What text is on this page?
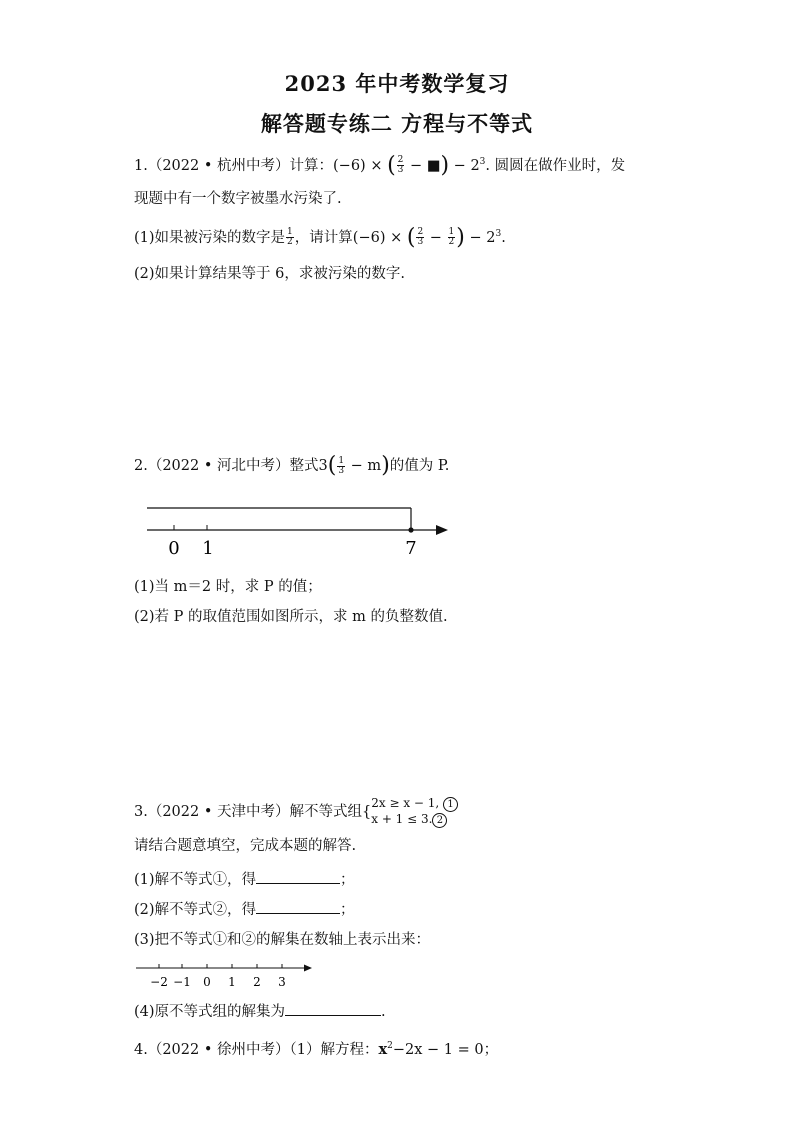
2023 年中考数学复习
解答题专练二 方程与不等式
1.（2022 • 杭州中考）计算：(−6) × ( $\frac{2}{3}$ − ■) − $2^3$. 圆圆在做作业时，发
现题中有一个数字被墨水污染了.
(1)如果被污染的数字是 $\frac{1}{2}$ ，请计算(−6) × ( $\frac{2}{3} - \frac{1}{2}$ ) − $2^3$.
(2)如果计算结果等于 6，求被污染的数字.
2.（2022 • 河北中考）整式$3( \frac{1}{3} - m)$的值为 P.
0 1	7
(1)当 m＝2 时，求 P 的值；
(2)若 P 的取值范围如图所示，求 m 的负整数值.
3.（2022 • 天津中考）解不等式组{
2x ≥ x − 1, 1
x + 1 ≤ 3. 2
请结合题意填空，完成本题的解答.
(1)解不等式①，得	；
(2)解不等式②，得	；
(3)把不等式①和②的解集在数轴上表示出来：
−2 −1 0 1 2 3
(4)原不等式组的解集为	.
4.（2022 • 徐州中考）（1）解方程：$x^2-2x - 1 = 0$；
